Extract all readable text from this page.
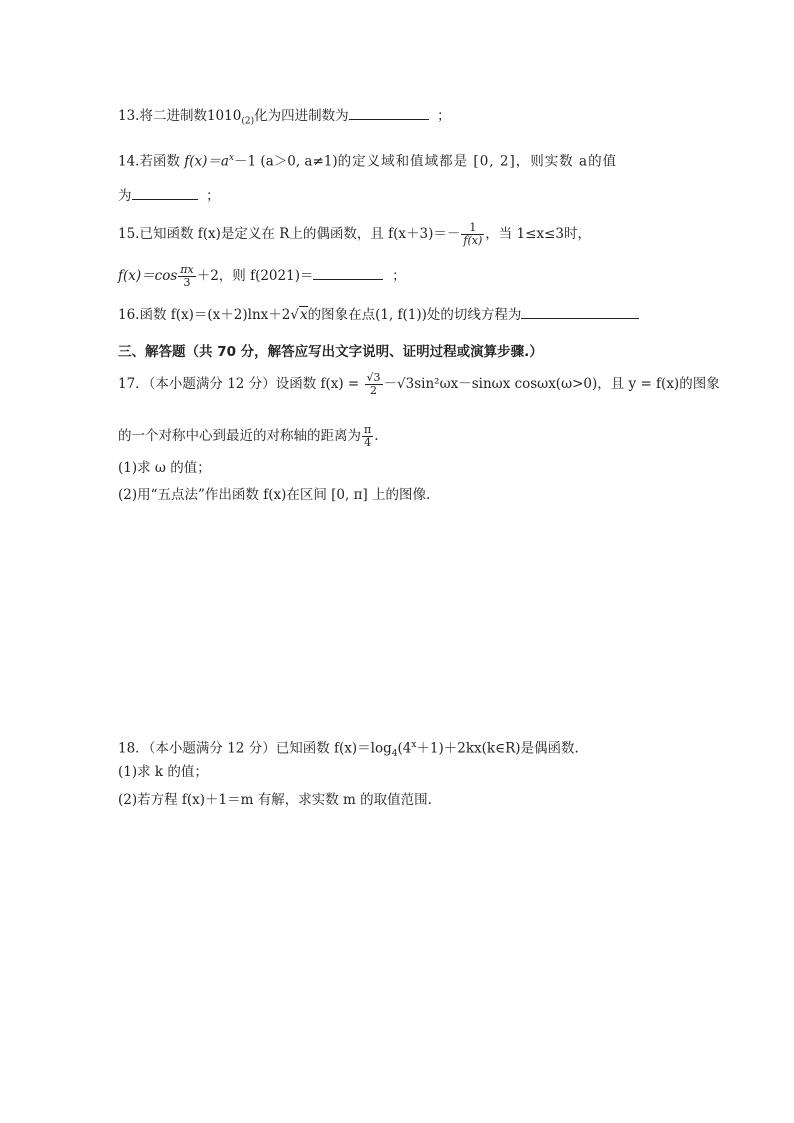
13.将二进制数$1010_{(2)}$化为四进制数为	；
14.若函数 $f(x)=a^x-1$ (a＞0, a≠1)的定义域和值域都是 [0, 2]，则实数 a的值
为	；
15.已知函数 f(x)是定义在 R上的偶函数，且 $f(x+3)=- \frac{1}{f(x)}$ ，当 1≤x≤3时，
$f(x)=\cos \frac{\pi x}{3} +2$，则 f(2021)＝	；
16.函数 f(x)＝(x＋2)lnx＋2√x的图象在点(1, f(1))处的切线方程为
三、解答题（共 70 分，解答应写出文字说明、证明过程或演算步骤.）
17．（本小题满分 12 分）设函数 $f(x) = \frac{√3}{2} -√3\sin^2\omega x-\sin\omega x$ cosωx(ω>0)，且 y = f(x)的图象
的一个对称中心到最近的对称轴的距离为 $\frac{\pi}{4}$ .
(1)求 ω 的值；
(2)用“五点法”作出函数 f(x)在区间 [0, π] 上的图像.
18．（本小题满分 12 分）已知函数 $f(x)=\log_4(4^x+1)+2kx(k\in R)$是偶函数.
(1)求 k 的值；
(2)若方程 f(x)＋1＝m 有解，求实数 m 的取值范围.
